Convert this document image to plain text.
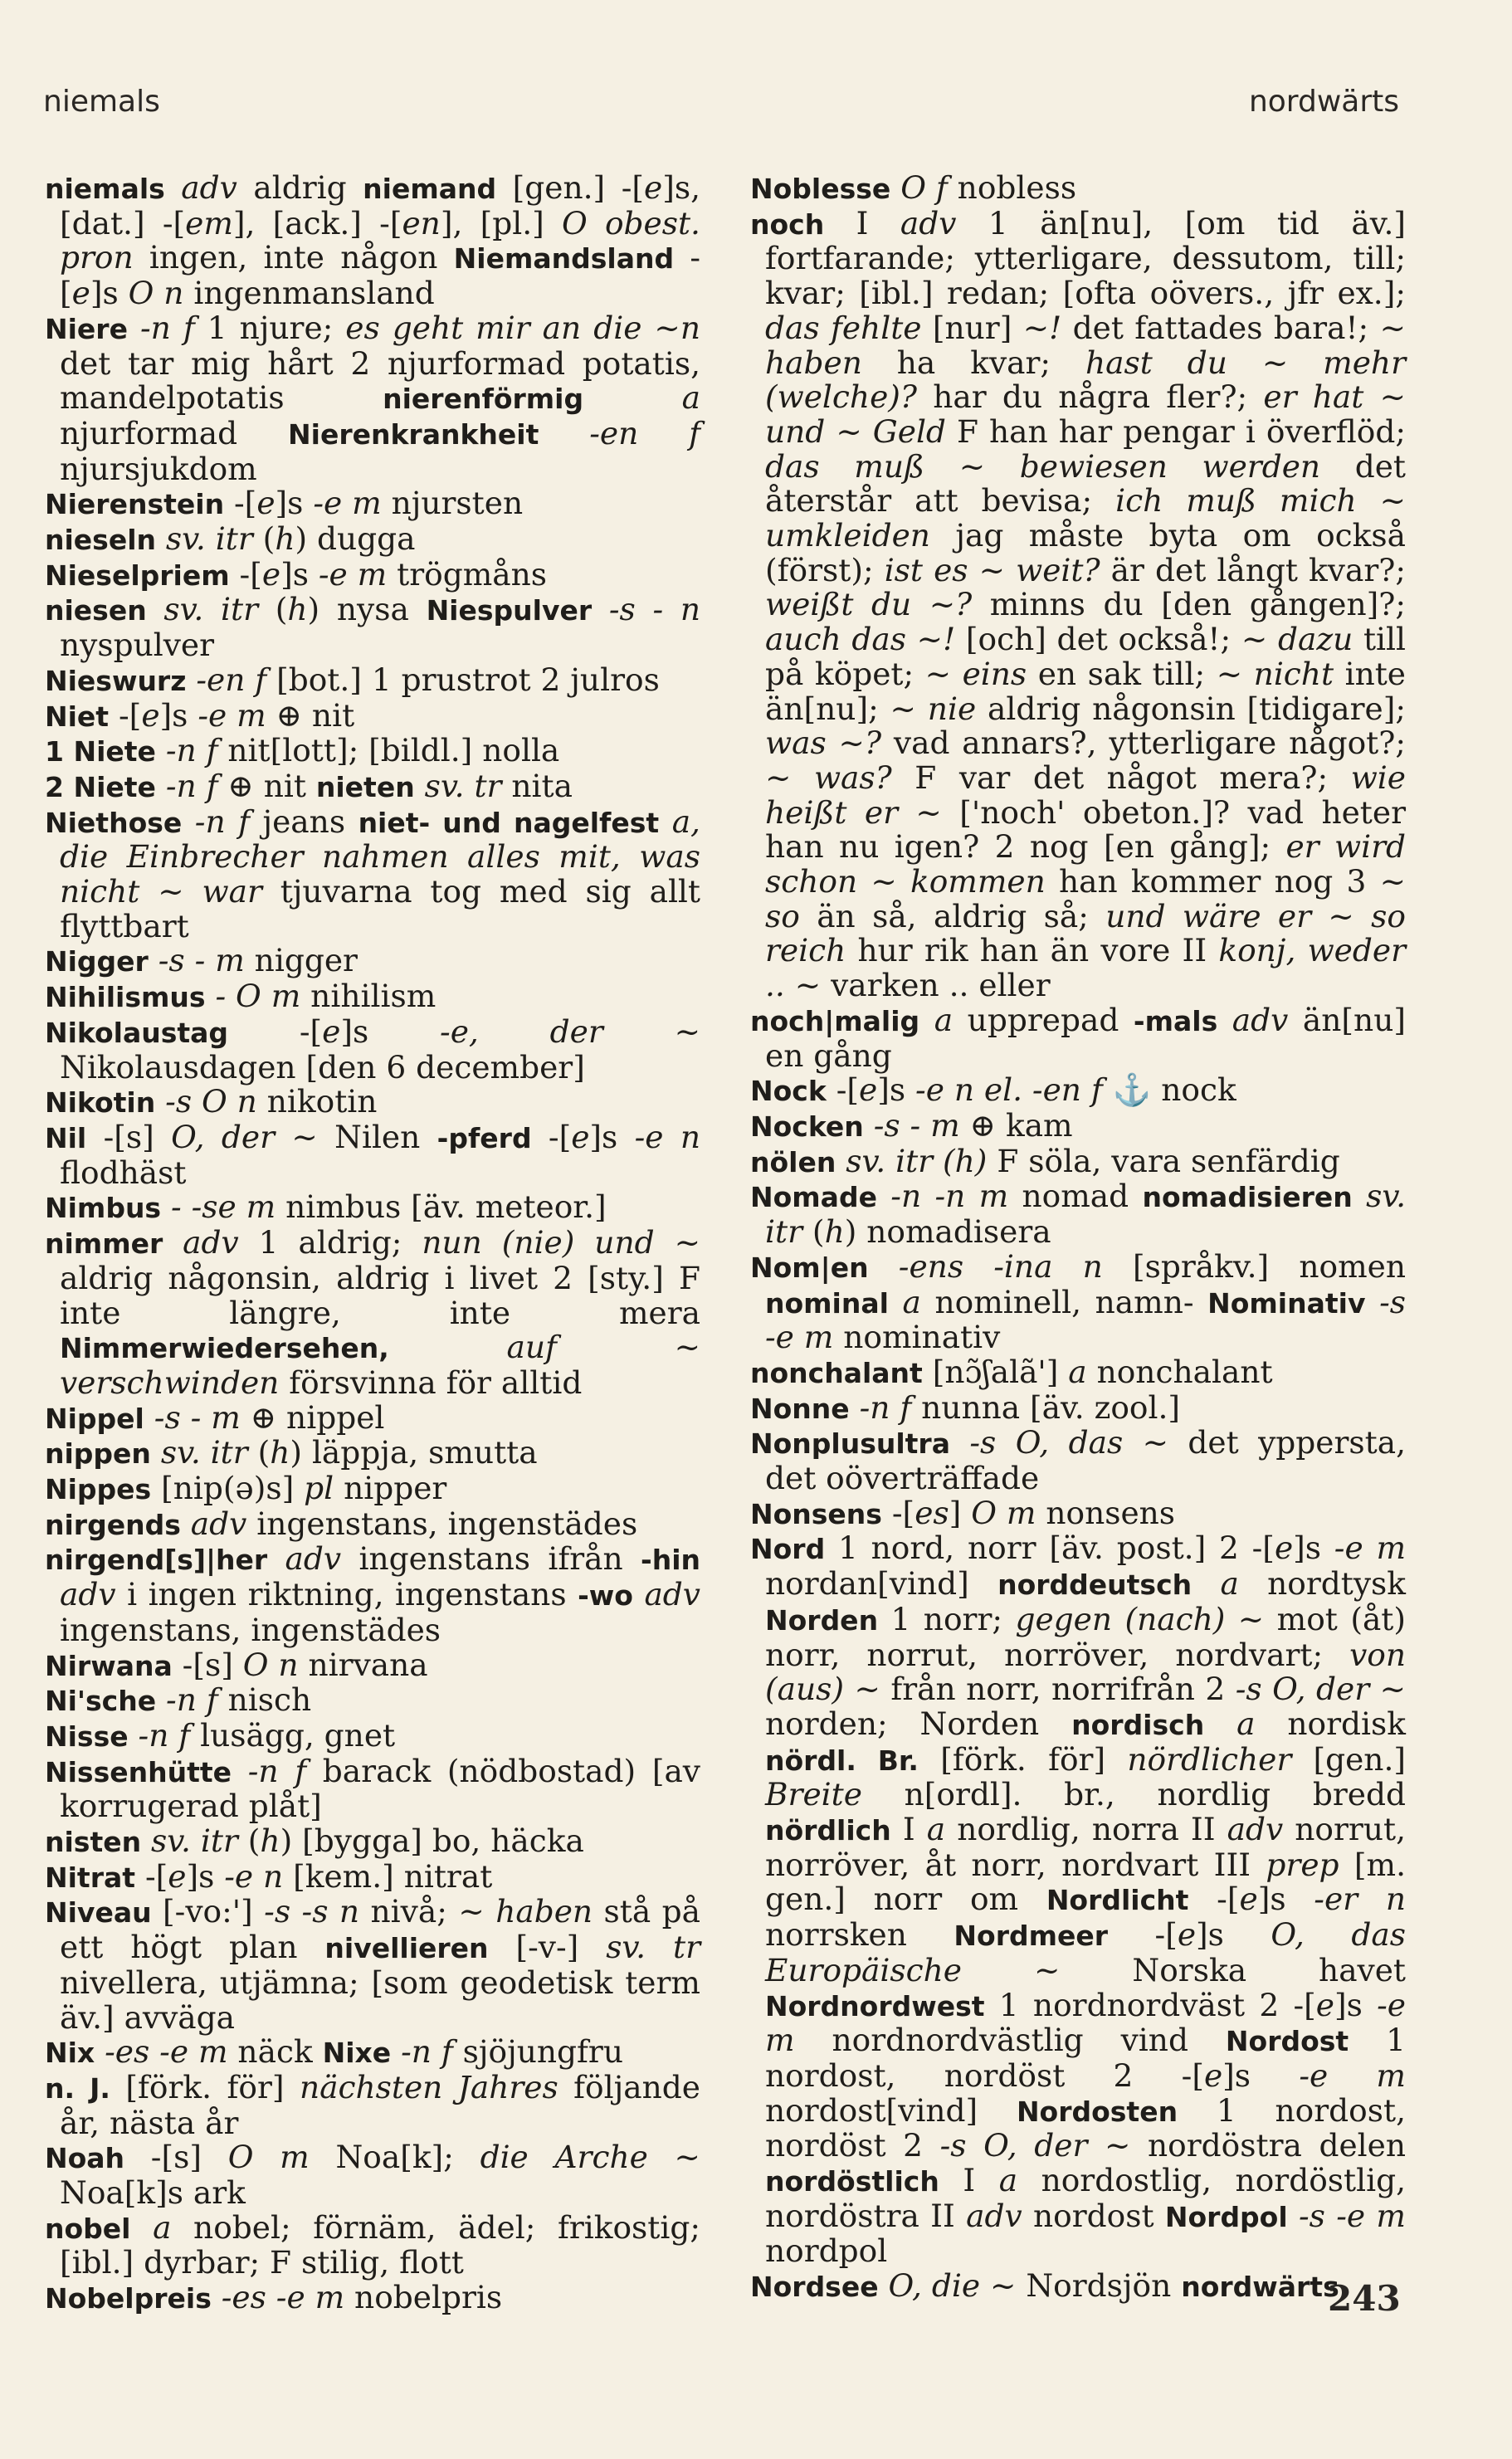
niemals	nordwärts

niemals adv aldrig niemand [gen.] -[e]s, [dat.] -[em], [ack.] -[en], [pl.] O obest. pron ingen, inte någon Niemandsland -[e]s O n ingenmansland

Niere -n f 1 njure; es geht mir an die ~n det tar mig hårt 2 njurformad potatis, mandelpotatis nierenförmig a njurformad Nierenkrankheit -en f njursjukdom

Nierenstein -[e]s -e m njursten

nieseln sv. itr (h) dugga

Nieselpriem -[e]s -e m trögmåns

niesen sv. itr (h) nysa Niespulver -s - n nyspulver

Nieswurz -en f [bot.] 1 prustrot 2 julros

Niet -[e]s -e m ⊕ nit

1 Niete -n f nit[lott]; [bildl.] nolla

2 Niete -n f ⊕ nit nieten sv. tr nita

Niethose -n f jeans niet- und nagelfest a, die Einbrecher nahmen alles mit, was nicht ~ war tjuvarna tog med sig allt flyttbart

Nigger -s - m nigger

Nihilismus - O m nihilism

Nikolaustag -[e]s -e, der ~ Nikolausdagen [den 6 december]

Nikotin -s O n nikotin

Nil -[s] O, der ~ Nilen -pferd -[e]s -e n flodhäst

Nimbus - -se m nimbus [äv. meteor.]

nimmer adv 1 aldrig; nun (nie) und ~ aldrig någonsin, aldrig i livet 2 [sty.] F inte längre, inte mera Nimmerwiedersehen, auf ~ verschwinden försvinna för alltid

Nippel -s - m ⊕ nippel

nippen sv. itr (h) läppja, smutta

Nippes [nip(ə)s] pl nipper

nirgends adv ingenstans, ingenstädes

nirgend[s]|her adv ingenstans ifrån -hin adv i ingen riktning, ingenstans -wo adv ingenstans, ingenstädes

Nirwana -[s] O n nirvana

Ni'sche -n f nisch

Nisse -n f lusägg, gnet

Nissenhütte -n f barack (nödbostad) [av korrugerad plåt]

nisten sv. itr (h) [bygga] bo, häcka

Nitrat -[e]s -e n [kem.] nitrat

Niveau [-vo:'] -s -s n nivå; ~ haben stå på ett högt plan nivellieren [-v-] sv. tr nivellera, utjämna; [som geodetisk term äv.] avväga

Nix -es -e m näck Nixe -n f sjöjungfru

n. J. [förk. för] nächsten Jahres följande år, nästa år

Noah -[s] O m Noa[k]; die Arche ~ Noa[k]s ark

nobel a nobel; förnäm, ädel; frikostig; [ibl.] dyrbar; F stilig, flott

Nobelpreis -es -e m nobelpris

Noblesse O f nobless

noch I adv 1 än[nu], [om tid äv.] fortfarande; ytterligare, dessutom, till; kvar; [ibl.] redan; [ofta oövers., jfr ex.]; das fehlte [nur] ~! det fattades bara!; ~ haben ha kvar; hast du ~ mehr (welche)? har du några fler?; er hat ~ und ~ Geld F han har pengar i överflöd; das muß ~ bewiesen werden det återstår att bevisa; ich muß mich ~ umkleiden jag måste byta om också (först); ist es ~ weit? är det långt kvar?; weißt du ~? minns du [den gången]?; auch das ~! [och] det också!; ~ dazu till på köpet; ~ eins en sak till; ~ nicht inte än[nu]; ~ nie aldrig någonsin [tidigare]; was ~? vad annars?, ytterligare något?; ~ was? F var det något mera?; wie heißt er ~ ['noch' obeton.]? vad heter han nu igen? 2 nog [en gång]; er wird schon ~ kommen han kommer nog 3 ~ so än så, aldrig så; und wäre er ~ so reich hur rik han än vore II konj, weder .. ~ varken .. eller

noch|malig a upprepad -mals adv än[nu] en gång

Nock -[e]s -e n el. -en f ⚓ nock

Nocken -s - m ⊕ kam

nölen sv. itr (h) F söla, vara senfärdig

Nomade -n -n m nomad nomadisieren sv. itr (h) nomadisera

Nom|en -ens -ina n [språkv.] nomen nominal a nominell, namn- Nominativ -s -e m nominativ

nonchalant [nɔ̃ʃalã'] a nonchalant

Nonne -n f nunna [äv. zool.]

Nonplusultra -s O, das ~ det yppersta, det oöverträffade

Nonsens -[es] O m nonsens

Nord 1 nord, norr [äv. post.] 2 -[e]s -e m nordan[vind] norddeutsch a nordtysk Norden 1 norr; gegen (nach) ~ mot (åt) norr, norrut, norröver, nordvart; von (aus) ~ från norr, norrifrån 2 -s O, der ~ norden; Norden nordisch a nordisk nördl. Br. [förk. för] nördlicher [gen.] Breite n[ordl]. br., nordlig bredd nördlich I a nordlig, norra II adv norrut, norröver, åt norr, nordvart III prep [m. gen.] norr om Nordlicht -[e]s -er n norrsken Nordmeer -[e]s O, das Europäische ~ Norska havet Nordnordwest 1 nordnordväst 2 -[e]s -e m nordnordvästlig vind Nordost 1 nordost, nordöst 2 -[e]s -e m nordost[vind] Nordosten 1 nordost, nordöst 2 -s O, der ~ nordöstra delen nordöstlich I a nordostlig, nordöstlig, nordöstra II adv nordost Nordpol -s -e m nordpol

Nordsee O, die ~ Nordsjön nordwärts

243
